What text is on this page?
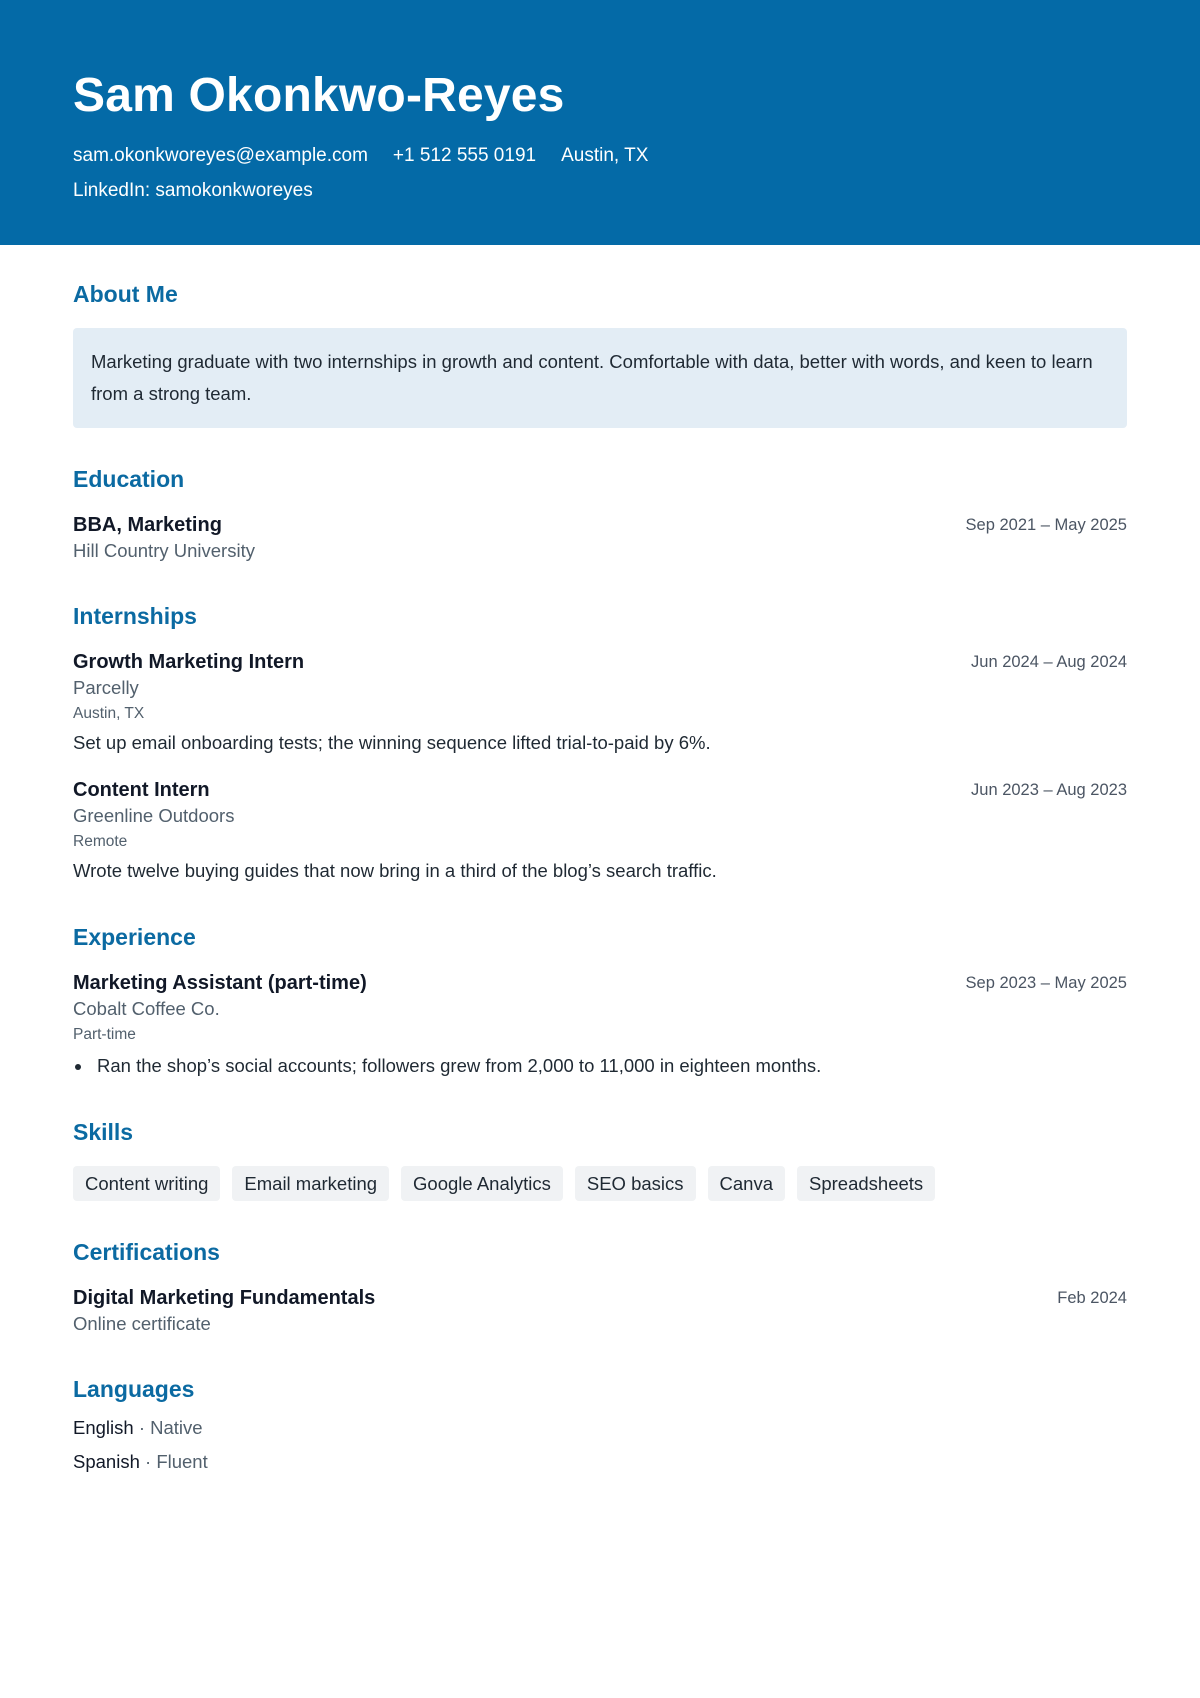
Sam Okonkwo-Reyes
sam.okonkworeyes@example.com +1 512 555 0191 Austin, TX
LinkedIn: samokonkworeyes
About Me
Marketing graduate with two internships in growth and content. Comfortable with data, better with words, and keen to learn from a strong team.
Education
BBA, Marketing	Sep 2021 – May 2025
Hill Country University
Internships
Growth Marketing Intern	Jun 2024 – Aug 2024
Parcelly
Austin, TX
Set up email onboarding tests; the winning sequence lifted trial-to-paid by 6%.
Content Intern	Jun 2023 – Aug 2023
Greenline Outdoors
Remote
Wrote twelve buying guides that now bring in a third of the blog’s search traffic.
Experience
Marketing Assistant (part-time)	Sep 2023 – May 2025
Cobalt Coffee Co.
Part-time
Ran the shop’s social accounts; followers grew from 2,000 to 11,000 in eighteen months.
Skills
Content writing	Email marketing	Google Analytics	SEO basics	Canva	Spreadsheets
Certifications
Digital Marketing Fundamentals	Feb 2024
Online certificate
Languages
English · Native
Spanish · Fluent
